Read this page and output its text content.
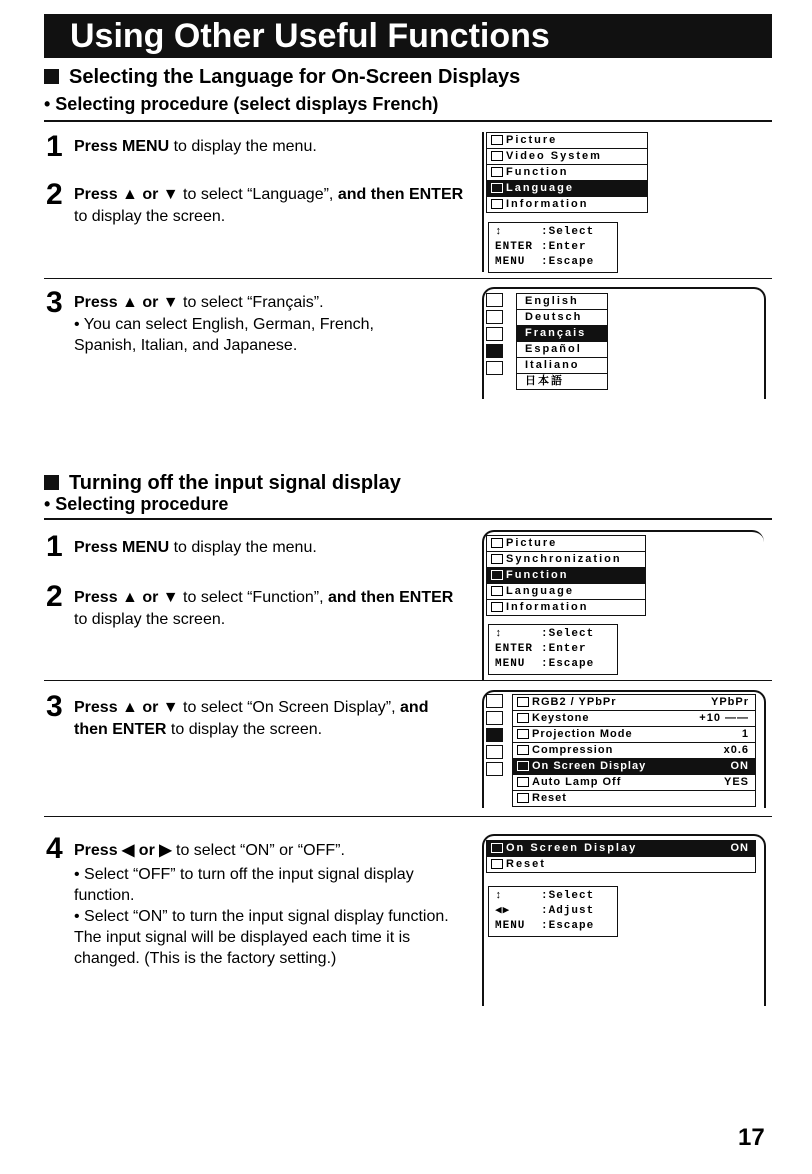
Using Other Useful Functions
Selecting the Language for On-Screen Displays
• Selecting procedure (select displays French)
1 Press MENU to display the menu.
2 Press ▲ or ▼ to select “Language”, and then ENTER to display the screen.
Picture
Video System
Function
Language
Information
↕	:Select
ENTER :Enter
MENU	:Escape
3 Press ▲ or ▼ to select “Français”.
• You can select English, German, French, Spanish, Italian, and Japanese.
English
Deutsch
Français
Español
Italiano
日本語
Turning off the input signal display
• Selecting procedure
1 Press MENU to display the menu.
2 Press ▲ or ▼ to select “Function”, and then ENTER to display the screen.
Picture
Synchronization
Function
Language
Information
↕	:Select
ENTER :Enter
MENU	:Escape
3 Press ▲ or ▼ to select “On Screen Display”, and then ENTER to display the screen.
RGB2 / YPbPr	YPbPr
Keystone	+10 ——
Projection Mode	1
Compression	x0.6
On Screen Display	ON
Auto Lamp Off	YES
Reset
4 Press ◀ or ▶ to select “ON” or “OFF”.
• Select “OFF” to turn off the input signal display function.
• Select “ON” to turn the input signal display function. The input signal will be displayed each time it is changed. (This is the factory setting.)
On Screen Display	ON
Reset
↕	:Select
◀▶	:Adjust
MENU	:Escape
17
